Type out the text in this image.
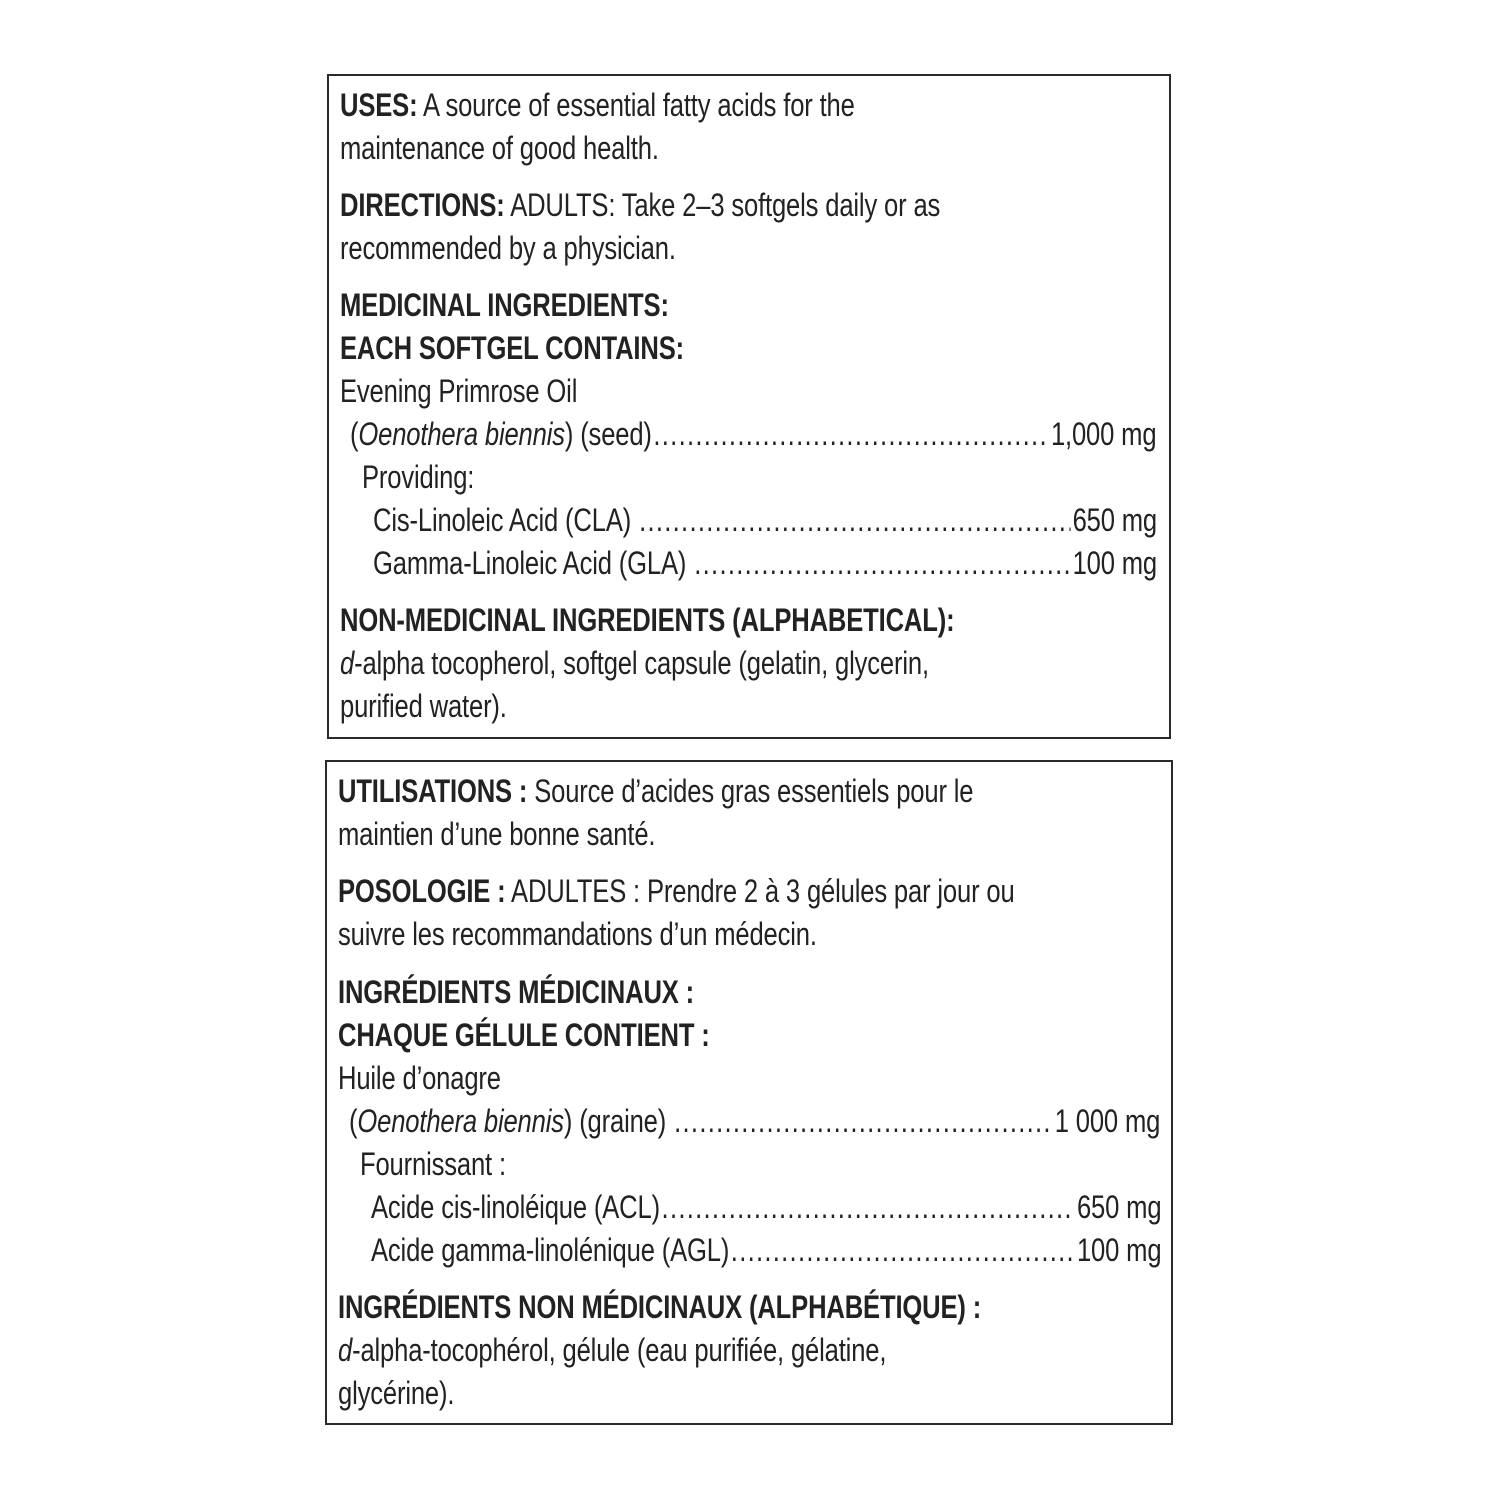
USES: A source of essential fatty acids for the
maintenance of good health.
DIRECTIONS: ADULTS: Take 2–3 softgels daily or as
recommended by a physician.
MEDICINAL INGREDIENTS:
EACH SOFTGEL CONTAINS:
Evening Primrose Oil
( Oenothera biennis ) (seed) .....	1,000 mg
Providing:
Cis-Linoleic Acid (CLA) .....	650 mg
Gamma-Linoleic Acid (GLA) .....	100 mg
NON-MEDICINAL INGREDIENTS (ALPHABETICAL):
d -alpha tocopherol, softgel capsule (gelatin, glycerin,
purified water).
UTILISATIONS : Source d’acides gras essentiels pour le
maintien d’une bonne santé.
POSOLOGIE : ADULTES : Prendre 2 à 3 gélules par jour ou
suivre les recommandations d’un médecin.
INGRÉDIENTS MÉDICINAUX :
CHAQUE GÉLULE CONTIENT :
Huile d’onagre
( Oenothera biennis ) (graine) .....	1 000 mg
Fournissant :
Acide cis-linoléique (ACL) .....	650 mg
Acide gamma-linolénique (AGL) .....	100 mg
INGRÉDIENTS NON MÉDICINAUX (ALPHABÉTIQUE) :
d -alpha-tocophérol, gélule (eau purifiée, gélatine,
glycérine).
